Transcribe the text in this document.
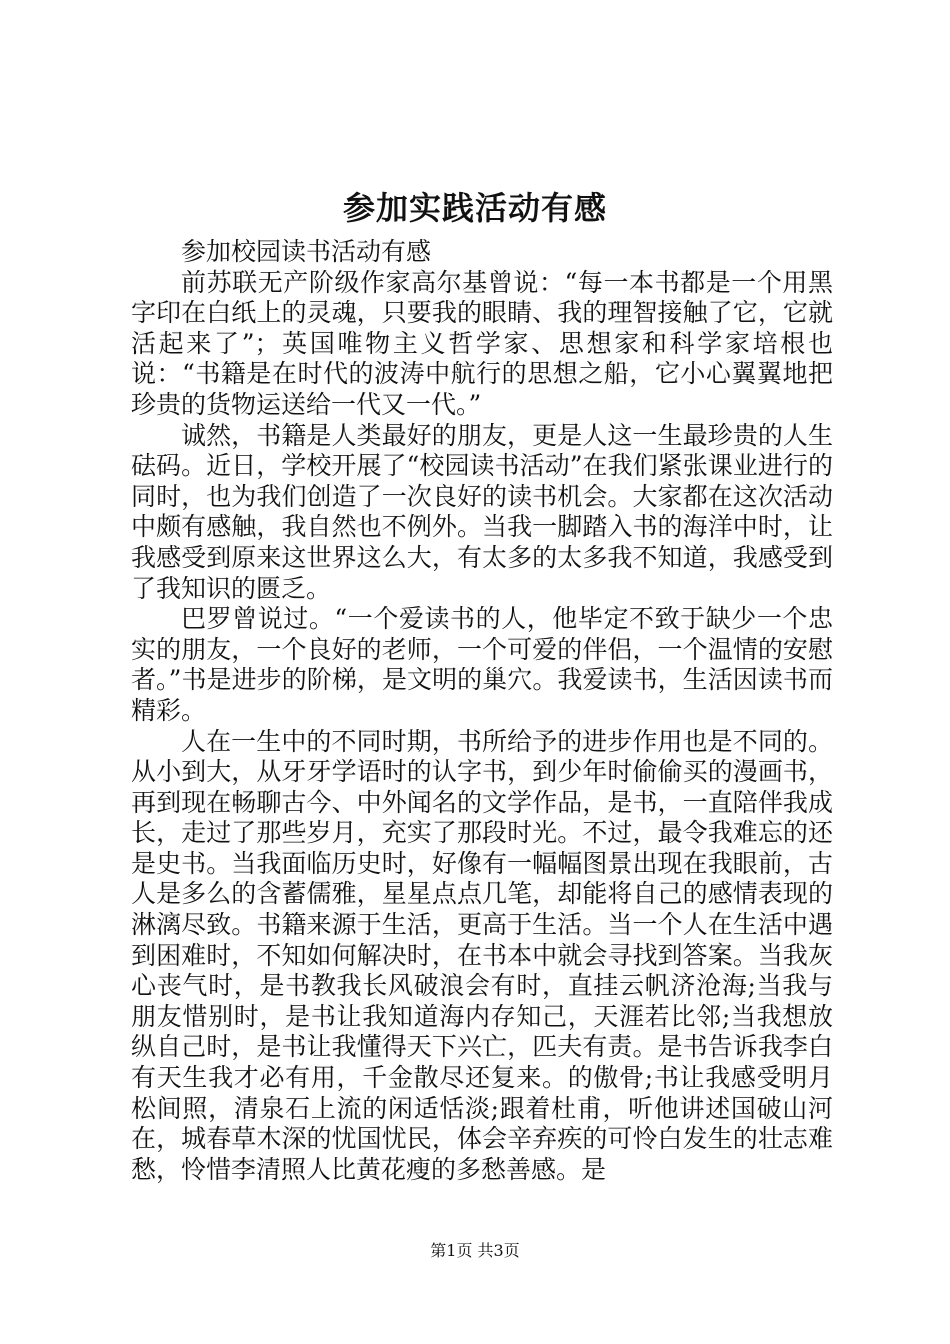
参加实践活动有感

参加校园读书活动有感

前苏联无产阶级作家高尔基曾说：“每一本书都是一个用黑字印在白纸上的灵魂，只要我的眼睛、我的理智接触了它，它就活起来了”；英国唯物主义哲学家、思想家和科学家培根也说：“书籍是在时代的波涛中航行的思想之船，它小心翼翼地把珍贵的货物运送给一代又一代。”

诚然，书籍是人类最好的朋友，更是人这一生最珍贵的人生砝码。近日，学校开展了“校园读书活动”在我们紧张课业进行的同时，也为我们创造了一次良好的读书机会。大家都在这次活动中颇有感触，我自然也不例外。当我一脚踏入书的海洋中时，让我感受到原来这世界这么大，有太多的太多我不知道，我感受到了我知识的匮乏。

巴罗曾说过。“一个爱读书的人，他毕定不致于缺少一个忠实的朋友，一个良好的老师，一个可爱的伴侣，一个温情的安慰者。”书是进步的阶梯，是文明的巢穴。我爱读书，生活因读书而精彩。

人在一生中的不同时期，书所给予的进步作用也是不同的。从小到大，从牙牙学语时的认字书，到少年时偷偷买的漫画书，再到现在畅聊古今、中外闻名的文学作品，是书，一直陪伴我成长，走过了那些岁月，充实了那段时光。不过，最令我难忘的还是史书。当我面临历史时，好像有一幅幅图景出现在我眼前，古人是多么的含蓄儒雅，星星点点几笔，却能将自己的感情表现的淋漓尽致。书籍来源于生活，更高于生活。当一个人在生活中遇到困难时，不知如何解决时，在书本中就会寻找到答案。当我灰心丧气时，是书教我长风破浪会有时，直挂云帆济沧海;当我与朋友惜别时，是书让我知道海内存知己，天涯若比邻;当我想放纵自己时，是书让我懂得天下兴亡，匹夫有责。是书告诉我李白有天生我才必有用，千金散尽还复来。的傲骨;书让我感受明月松间照，清泉石上流的闲适恬淡;跟着杜甫，听他讲述国破山河在，城春草木深的忧国忧民，体会辛弃疾的可怜白发生的壮志难愁，怜惜李清照人比黄花瘦的多愁善感。是

第1页 共3页
